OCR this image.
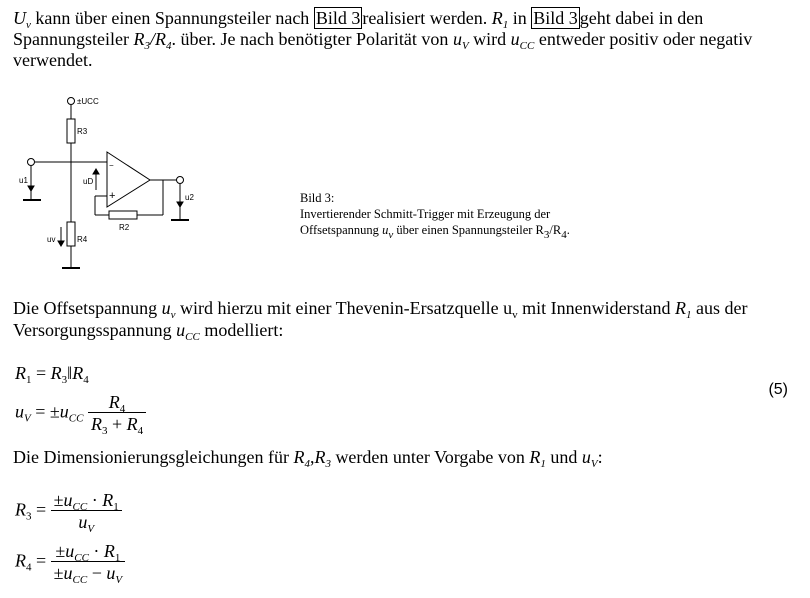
$U_v$ kann über einen Spannungsteiler nach Bild 3 realisiert werden. $R_1$ in Bild 3 geht dabei in den
Spannungsteiler $R_3/R_4$. über. Je nach benötigter Polarität von $u_V$ wird $u_{CC}$ entweder positiv oder negativ
verwendet.
±UCC
R3
R4
R2
u1
u2
uv
uD
−
+	Bild 3:
Invertierender Schmitt-Trigger mit Erzeugung der
Offsetspannung $u_v$ über einen Spannungsteiler $R_3/R_4$.
Die Offsetspannung $u_v$ wird hierzu mit einer Thevenin-Ersatzquelle $u_v$ mit Innenwiderstand $R_1$ aus der
Versorgungsspannung $u_{CC}$ modelliert:
$R_1$ = $R_3‖R_4$
$u_V = \pm u_{CC} \frac{R_4}{R_3 + R_4}$
(5)
Die Dimensionierungsgleichungen für $R_4,R_3$ werden unter Vorgabe von $R_1$ und $u_V$:
$R_3 = \frac{\pm u_{CC} \cdot R_1}{u_V}$
$R_4 = \frac{\pm u_{CC} \cdot R_1}{\pm u_{CC} - u_V}$
